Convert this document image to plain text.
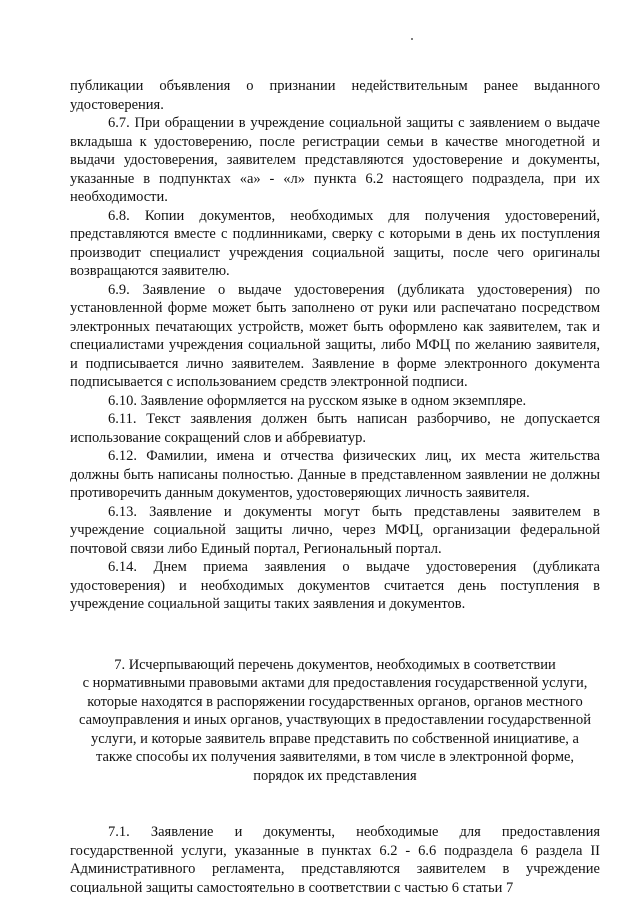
публикации объявления о признании недействительным ранее выданного удостоверения.

6.7. При обращении в учреждение социальной защиты с заявлением о выдаче вкладыша к удостоверению, после регистрации семьи в качестве многодетной и выдачи удостоверения, заявителем представляются удостоверение и документы, указанные в подпунктах «а» - «л» пункта 6.2 настоящего подраздела, при их необходимости.

6.8. Копии документов, необходимых для получения удостоверений, представляются вместе с подлинниками, сверку с которыми в день их поступления производит специалист учреждения социальной защиты, после чего оригиналы возвращаются заявителю.

6.9. Заявление о выдаче удостоверения (дубликата удостоверения) по установленной форме может быть заполнено от руки или распечатано посредством электронных печатающих устройств, может быть оформлено как заявителем, так и специалистами учреждения социальной защиты, либо МФЦ по желанию заявителя, и подписывается лично заявителем. Заявление в форме электронного документа подписывается с использованием средств электронной подписи.

6.10. Заявление оформляется на русском языке в одном экземпляре.

6.11. Текст заявления должен быть написан разборчиво, не допускается использование сокращений слов и аббревиатур.

6.12. Фамилии, имена и отчества физических лиц, их места жительства должны быть написаны полностью. Данные в представленном заявлении не должны противоречить данным документов, удостоверяющих личность заявителя.

6.13. Заявление и документы могут быть представлены заявителем в учреждение социальной защиты лично, через МФЦ, организации федеральной почтовой связи либо Единый портал, Региональный портал.

6.14. Днем приема заявления о выдаче удостоверения (дубликата удостоверения) и необходимых документов считается день поступления в учреждение социальной защиты таких заявления и документов.

7. Исчерпывающий перечень документов, необходимых в соответствии
с нормативными правовыми актами для предоставления государственной услуги,
которые находятся в распоряжении государственных органов, органов местного
самоуправления и иных органов, участвующих в предоставлении государственной
услуги, и которые заявитель вправе представить по собственной инициативе, а
также способы их получения заявителями, в том числе в электронной форме,
порядок их представления

7.1. Заявление и документы, необходимые для предоставления государственной услуги, указанные в пунктах 6.2 - 6.6 подраздела 6 раздела II Административного регламента, представляются заявителем в учреждение социальной защиты самостоятельно в соответствии с частью 6 статьи 7
